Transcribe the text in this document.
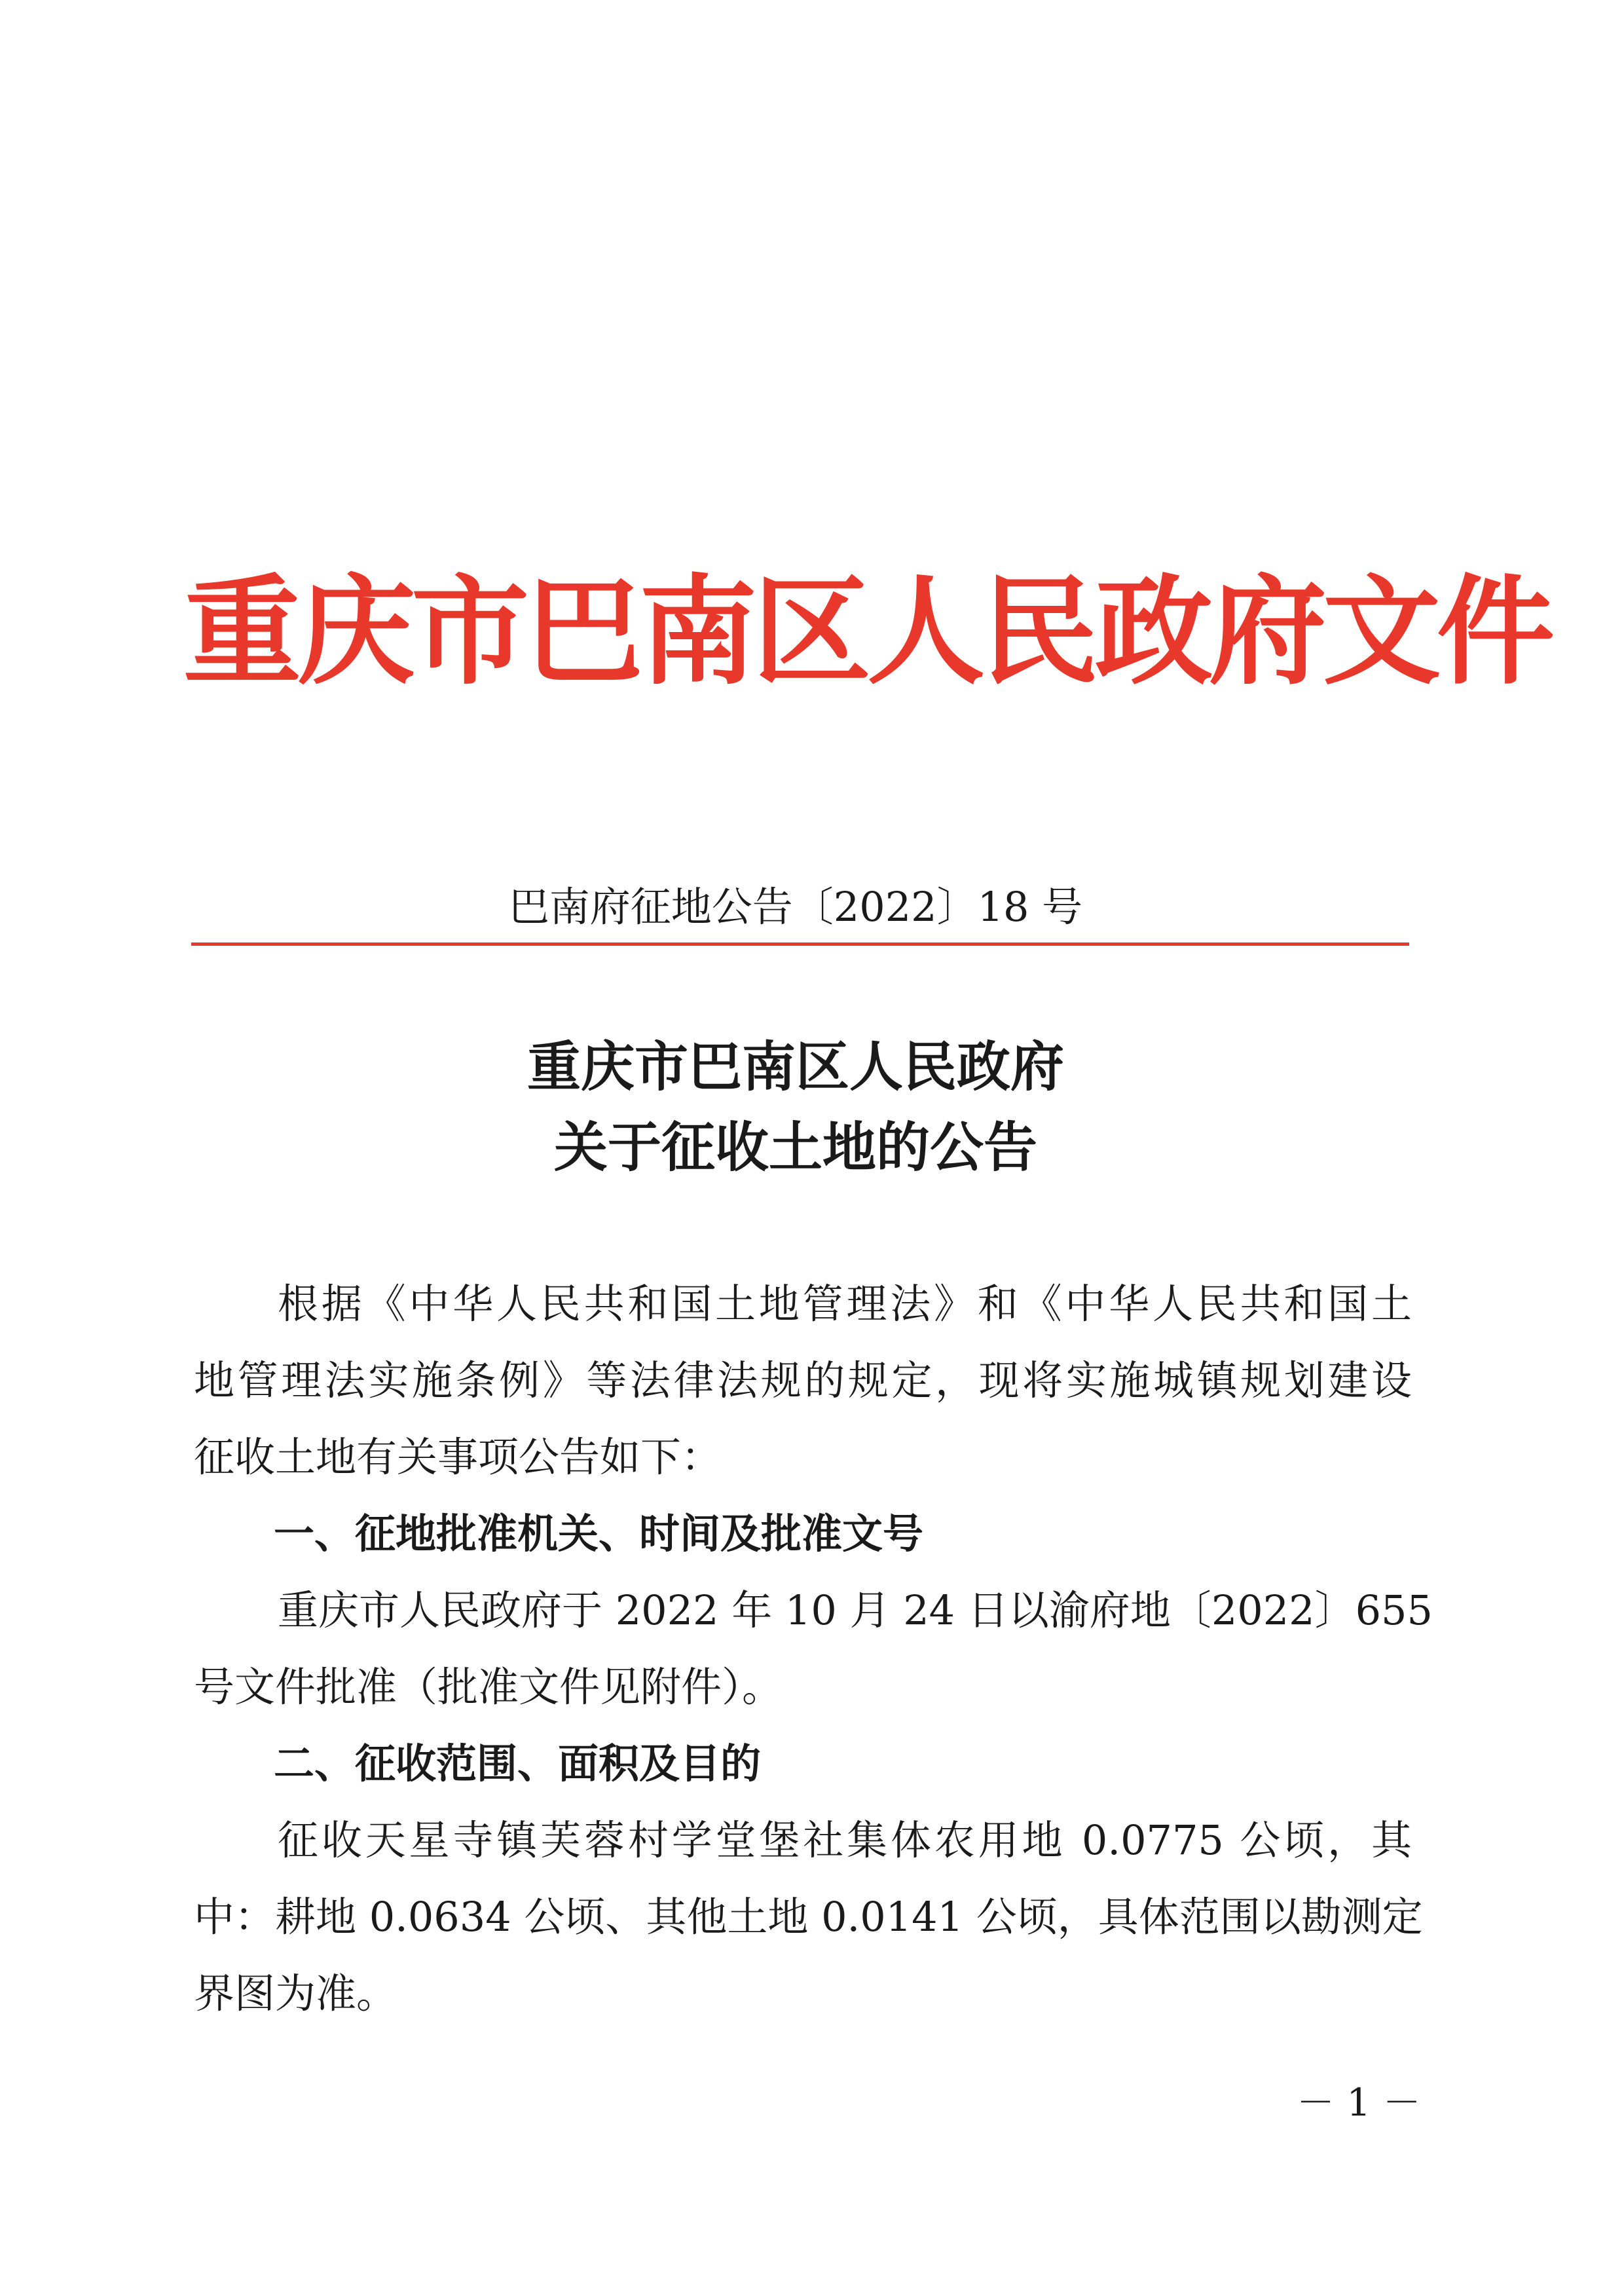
重庆市巴南区人民政府文件
巴南府征地公告〔2022〕18 号
重庆市巴南区人民政府
关于征收土地的公告
根据《中华人民共和国土地管理法》和《中华人民共和国土
地管理法实施条例》等法律法规的规定，现将实施城镇规划建设
征收土地有关事项公告如下：
一、征地批准机关、时间及批准文号
重庆市人民政府于 2022 年 10 月 24 日以渝府地〔2022〕655
号文件批准（批准文件见附件）。
二、征收范围、面积及目的
征收天星寺镇芙蓉村学堂堡社集体农用地 0.0775 公顷，其
中：耕地 0.0634 公顷、其他土地 0.0141 公顷，具体范围以勘测定
界图为准。
－ 1 －
